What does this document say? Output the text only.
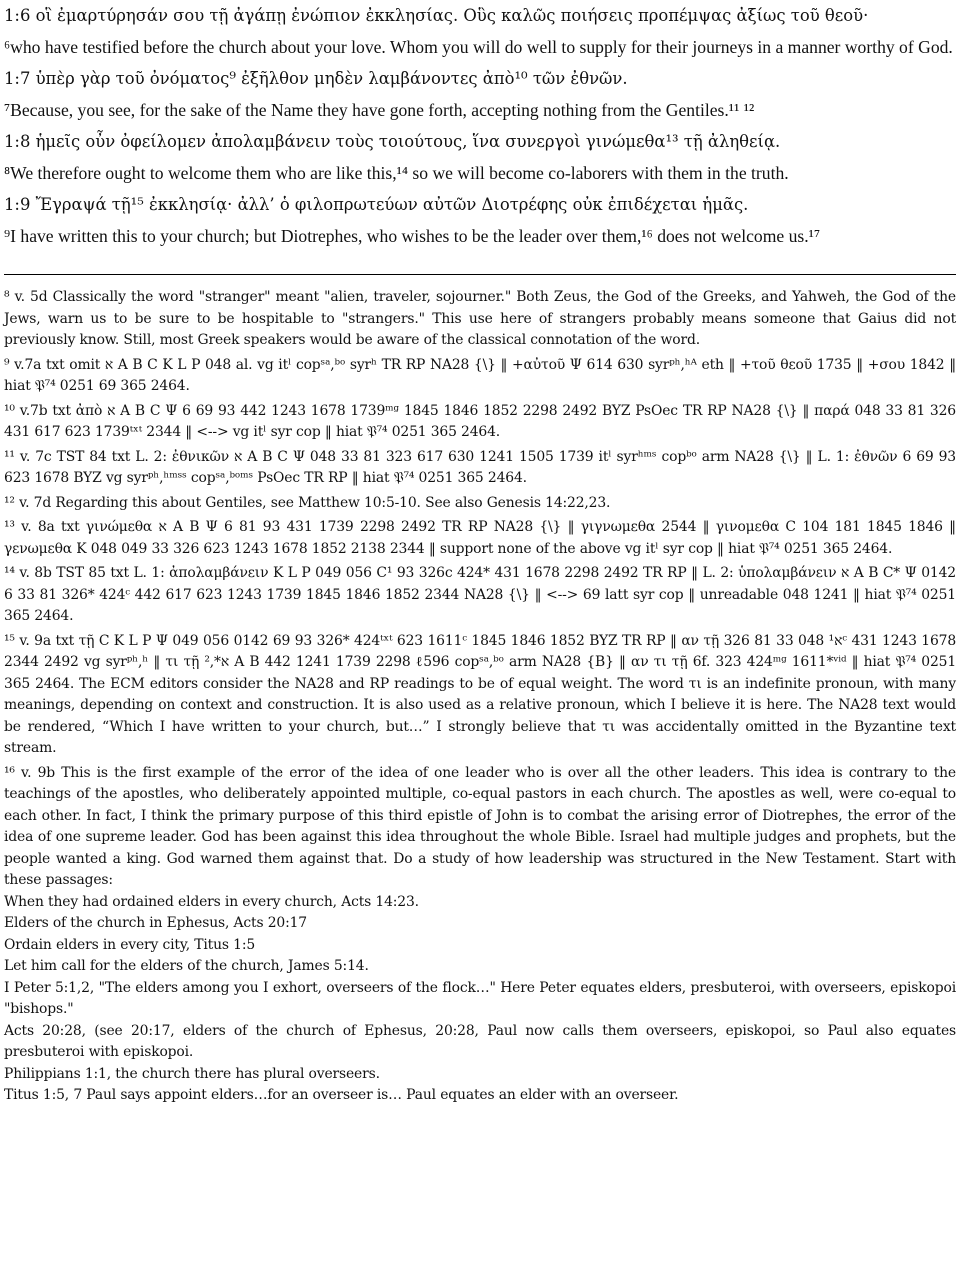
1:6 οἳ ἐμαρτύρησάν σου τῇ ἀγάπῃ ἐνώπιον ἐκκλησίας. Οὓς καλῶς ποιήσεις προπέμψας ἀξίως τοῦ θεοῦ·

⁶who have testified before the church about your love. Whom you will do well to supply for their journeys in a manner worthy of God.

1:7 ὑπὲρ γὰρ τοῦ ὀνόματος⁹ ἐξῆλθον μηδὲν λαμβάνοντες ἀπὸ¹⁰ τῶν ἐθνῶν.

⁷Because, you see, for the sake of the Name they have gone forth, accepting nothing from the Gentiles.¹¹ ¹²

1:8 ἡμεῖς οὖν ὀφείλομεν ἀπολαμβάνειν τοὺς τοιούτους, ἵνα συνεργοὶ γινώμεθα¹³ τῇ ἀληθείᾳ.

⁸We therefore ought to welcome them who are like this,¹⁴ so we will become co-laborers with them in the truth.

1:9 Ἔγραψά τῇ¹⁵ ἐκκλησίᾳ· ἀλλ’ ὁ φιλοπρωτεύων αὐτῶν Διοτρέφης οὐκ ἐπιδέχεται ἡμᾶς.

⁹I have written this to your church; but Diotrephes, who wishes to be the leader over them,¹⁶ does not welcome us.¹⁷

⁸ v. 5d Classically the word "stranger" meant "alien, traveler, sojourner." Both Zeus, the God of the Greeks, and Yahweh, the God of the Jews, warn us to be sure to be hospitable to "strangers." This use here of strangers probably means someone that Gaius did not previously know. Still, most Greek speakers would be aware of the classical connotation of the word.

⁹ v.7a txt omit א A B C K L P 048 al. vg itˡ copˢᵃ,ᵇᵒ syrʰ TR RP NA28 {\} ‖ +αὐτοῦ Ψ 614 630 syrᵖʰ,ʰᴬ eth ‖ +τοῦ θεοῦ 1735 ‖ +σου 1842 ‖ hiat 𝔓⁷⁴ 0251 69 365 2464.

¹⁰ v.7b txt ἀπὸ א A B C Ψ 6 69 93 442 1243 1678 1739ᵐᵍ 1845 1846 1852 2298 2492 BYZ PsOec TR RP NA28 {\} ‖ παρά 048 33 81 326 431 617 623 1739ᵗˣᵗ 2344 ‖ <--> vg itˡ syr cop ‖ hiat 𝔓⁷⁴ 0251 365 2464.

¹¹ v. 7c TST 84 txt L. 2: ἐθνικῶν א A B C Ψ 048 33 81 323 617 630 1241 1505 1739 itˡ syrʰᵐˢ copᵇᵒ arm NA28 {\} ‖ L. 1: ἐθνῶν 6 69 93 623 1678 BYZ vg syrᵖʰ,ʰᵐˢˢ copˢᵃ,ᵇᵒᵐˢ PsOec TR RP ‖ hiat 𝔓⁷⁴ 0251 365 2464.

¹² v. 7d Regarding this about Gentiles, see Matthew 10:5-10. See also Genesis 14:22,23.

¹³ v. 8a txt γινώμεθα א A B Ψ 6 81 93 431 1739 2298 2492 TR RP NA28 {\} ‖ γιγνωμεθα 2544 ‖ γινομεθα C 104 181 1845 1846 ‖ γενωμεθα K 048 049 33 326 623 1243 1678 1852 2138 2344 ‖ support none of the above vg itˡ syr cop ‖ hiat 𝔓⁷⁴ 0251 365 2464.

¹⁴ v. 8b TST 85 txt L. 1: ἀπολαμβάνειν K L P 049 056 C¹ 93 326c 424* 431 1678 2298 2492 TR RP ‖ L. 2: ὑπολαμβάνειν א A B C* Ψ 0142 6 33 81 326* 424ᶜ 442 617 623 1243 1739 1845 1846 1852 2344 NA28 {\} ‖ <--> 69 latt syr cop ‖ unreadable 048 1241 ‖ hiat 𝔓⁷⁴ 0251 365 2464.

¹⁵ v. 9a txt τῇ C K L P Ψ 049 056 0142 69 93 326* 424ᵗˣᵗ 623 1611ᶜ 1845 1846 1852 BYZ TR RP ‖ αν τῇ א¹ 048 33 81 326ᶜ 431 1243 1678 2344 2492 vg syrᵖʰ,ʰ ‖ τι τῇ א*,² A B 442 1241 1739 2298 ℓ596 copˢᵃ,ᵇᵒ arm NA28 {B} ‖ αν τι τῇ 6f. 323 424ᵐᵍ 1611*ᵛⁱᵈ ‖ hiat 𝔓⁷⁴ 0251 365 2464. The ECM editors consider the NA28 and RP readings to be of equal weight. The word τι is an indefinite pronoun, with many meanings, depending on context and construction. It is also used as a relative pronoun, which I believe it is here. The NA28 text would be rendered, “Which I have written to your church, but…” I strongly believe that τι was accidentally omitted in the Byzantine text stream.

¹⁶ v. 9b This is the first example of the error of the idea of one leader who is over all the other leaders. This idea is contrary to the teachings of the apostles, who deliberately appointed multiple, co-equal pastors in each church. The apostles as well, were co-equal to each other. In fact, I think the primary purpose of this third epistle of John is to combat the arising error of Diotrephes, the error of the idea of one supreme leader. God has been against this idea throughout the whole Bible. Israel had multiple judges and prophets, but the people wanted a king. God warned them against that. Do a study of how leadership was structured in the New Testament. Start with these passages:

When they had ordained elders in every church, Acts 14:23.

Elders of the church in Ephesus, Acts 20:17

Ordain elders in every city, Titus 1:5

Let him call for the elders of the church, James 5:14.

I Peter 5:1,2, "The elders among you I exhort, overseers of the flock…" Here Peter equates elders, presbuteroi, with overseers, episkopoi "bishops."

Acts 20:28, (see 20:17, elders of the church of Ephesus, 20:28, Paul now calls them overseers, episkopoi, so Paul also equates presbuteroi with episkopoi.

Philippians 1:1, the church there has plural overseers.

Titus 1:5, 7 Paul says appoint elders…for an overseer is… Paul equates an elder with an overseer.
